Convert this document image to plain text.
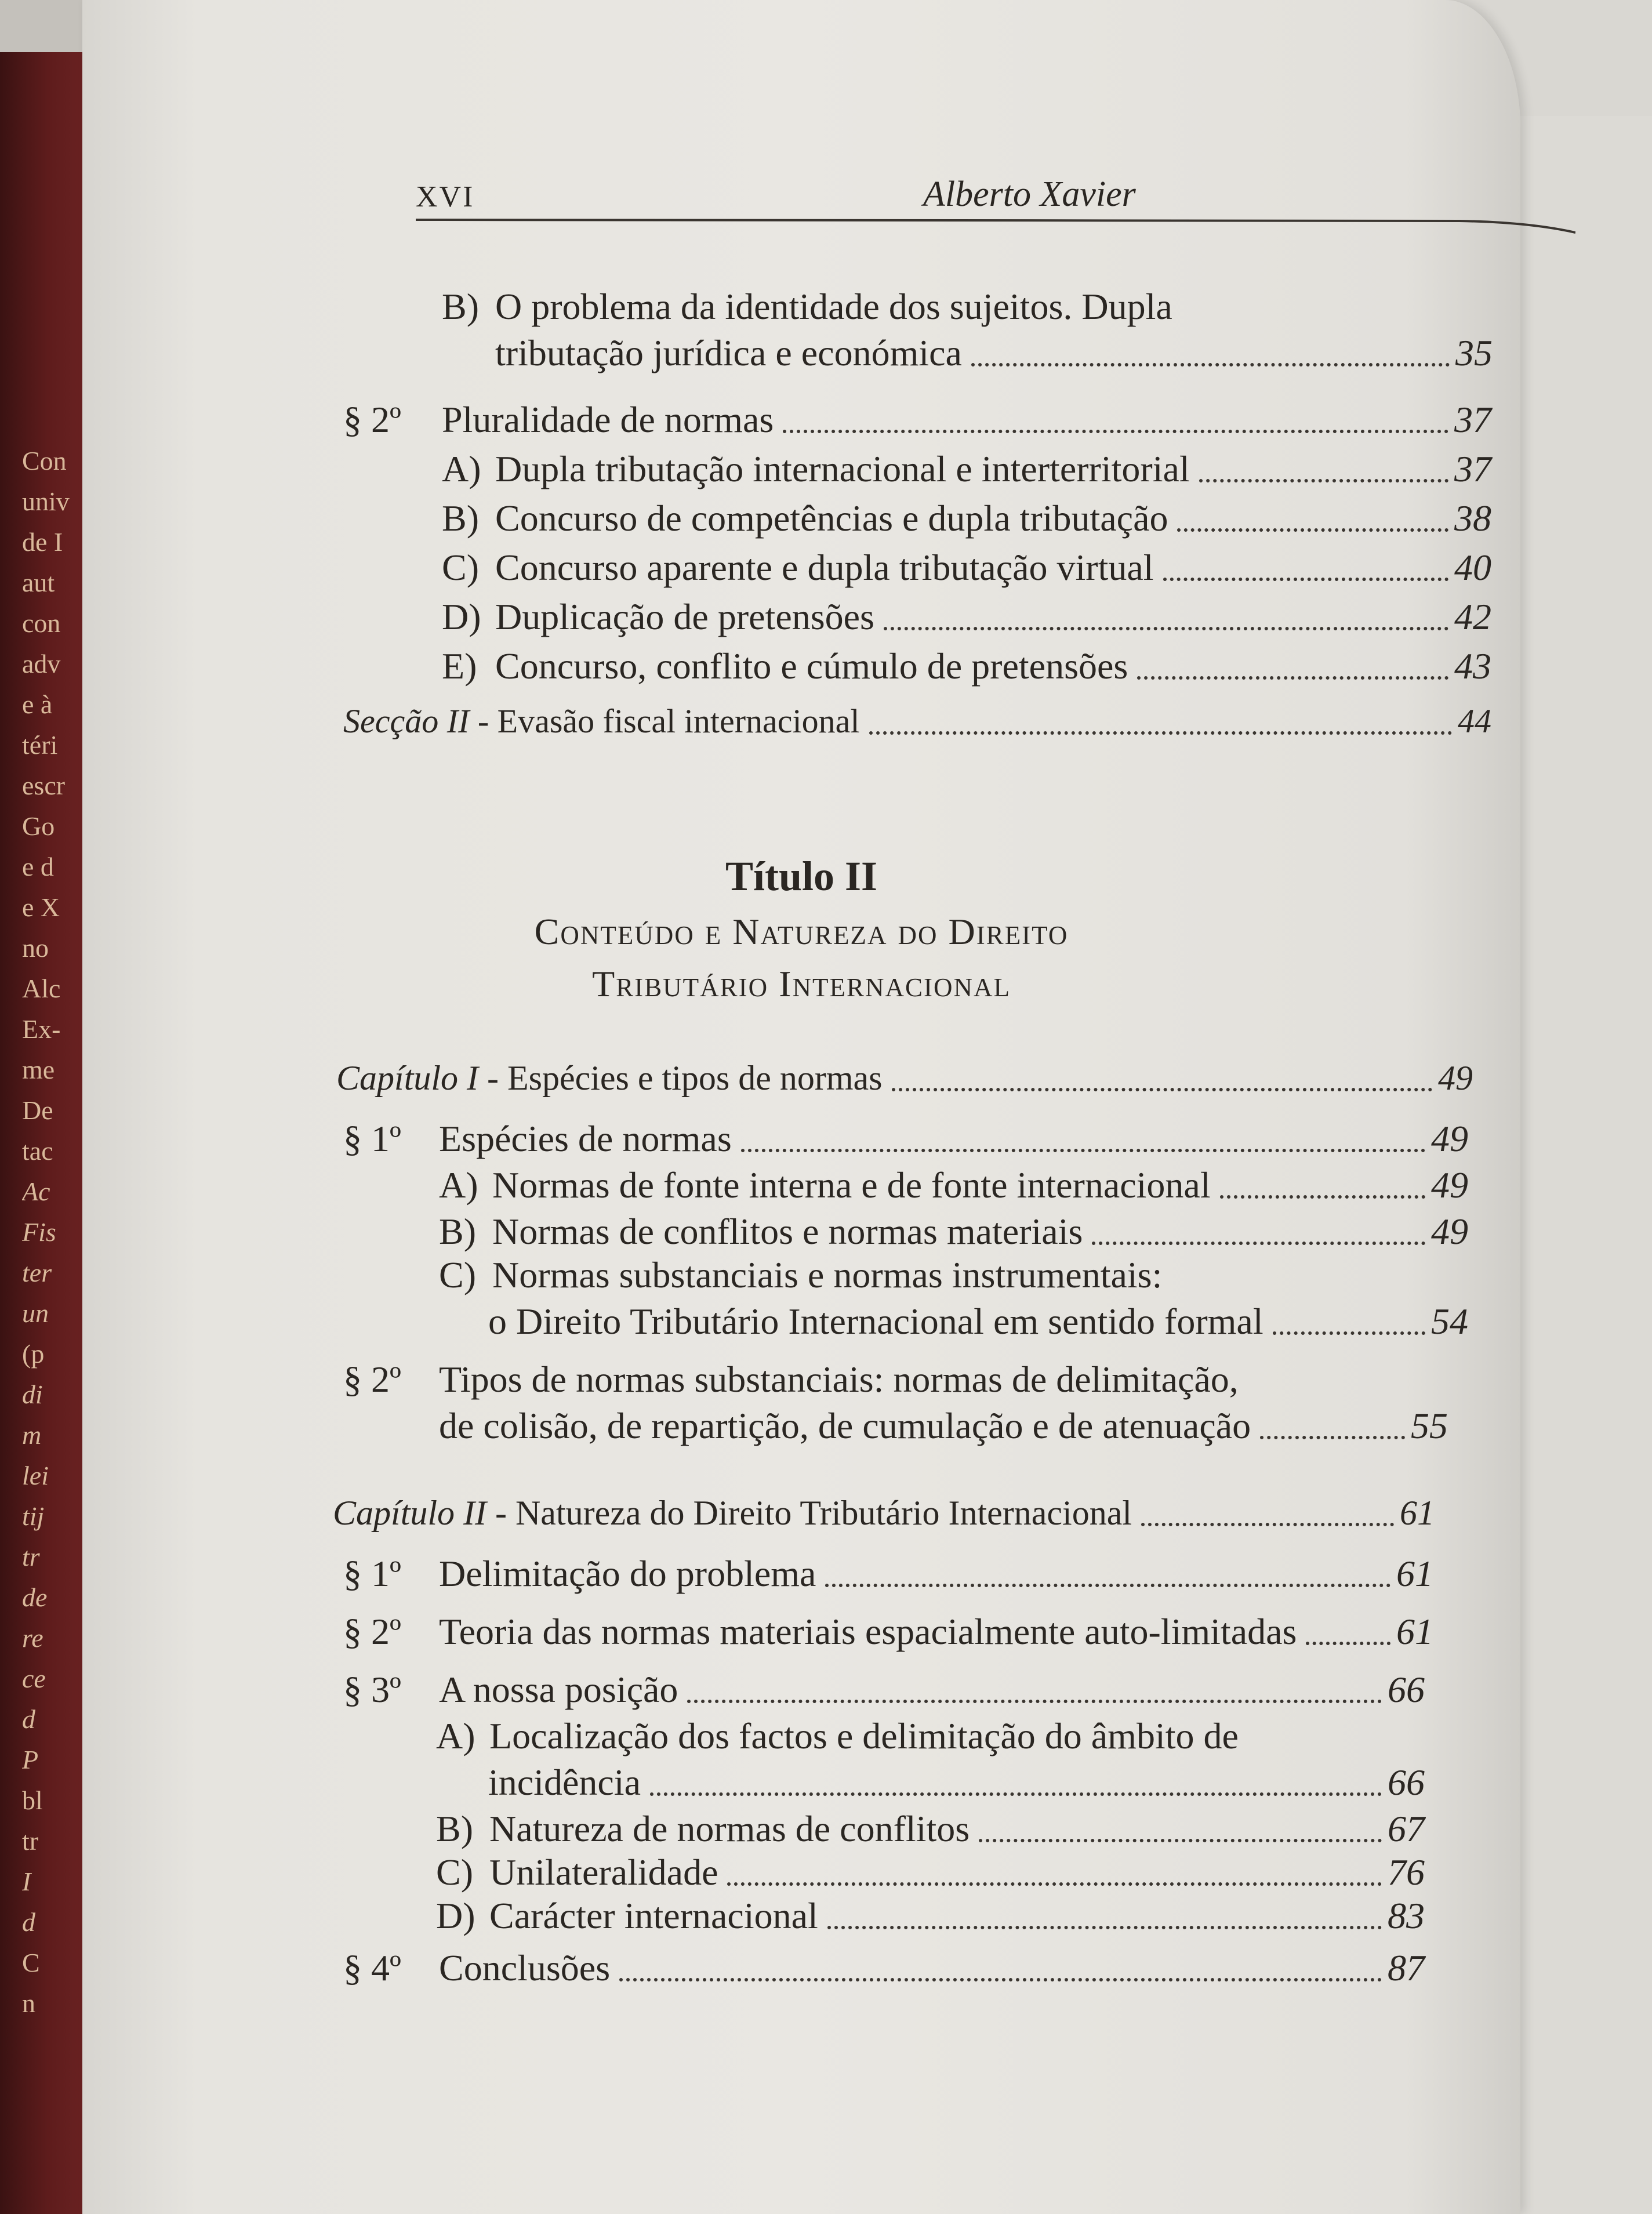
Con
univ
de I
aut
con
adv
e à
téri
escr
Go
e d
e X
no
Alc
Ex-
me
De
tac
Ac
Fis
ter
un
(p
di
m
lei
tij
tr
de
re
ce
d
P
bl
tr
I
d
C
n
XVI	Alberto Xavier
B) O problema da identidade dos sujeitos. Dupla
tributação jurídica e económica	35
§ 2º	Pluralidade de normas	37
A) Dupla tributação internacional e interterritorial	37
B) Concurso de competências e dupla tributação	38
C) Concurso aparente e dupla tributação virtual	40
D) Duplicação de pretensões	42
E) Concurso, conflito e cúmulo de pretensões	43
Secção II
- Evasão fiscal internacional	44
Título II
Conteúdo e Natureza do Direito
Tributário Internacional
Capítulo I
- Espécies e tipos de normas	49
§ 1º	Espécies de normas	49
A) Normas de fonte interna e de fonte internacional	49
B) Normas de conflitos e normas materiais	49
C) Normas substanciais e normas instrumentais:
o Direito Tributário Internacional em sentido formal	54
§ 2º	Tipos de normas substanciais: normas de delimitação,
de colisão, de repartição, de cumulação e de atenuação	55
Capítulo II
- Natureza do Direito Tributário Internacional	61
§ 1º	Delimitação do problema	61
§ 2º	Teoria das normas materiais espacialmente auto-limitadas	61
§ 3º	A nossa posição	66
A) Localização dos factos e delimitação do âmbito de
incidência	66
B) Natureza de normas de conflitos	67
C) Unilateralidade	76
D) Carácter internacional	83
§ 4º	Conclusões	87
